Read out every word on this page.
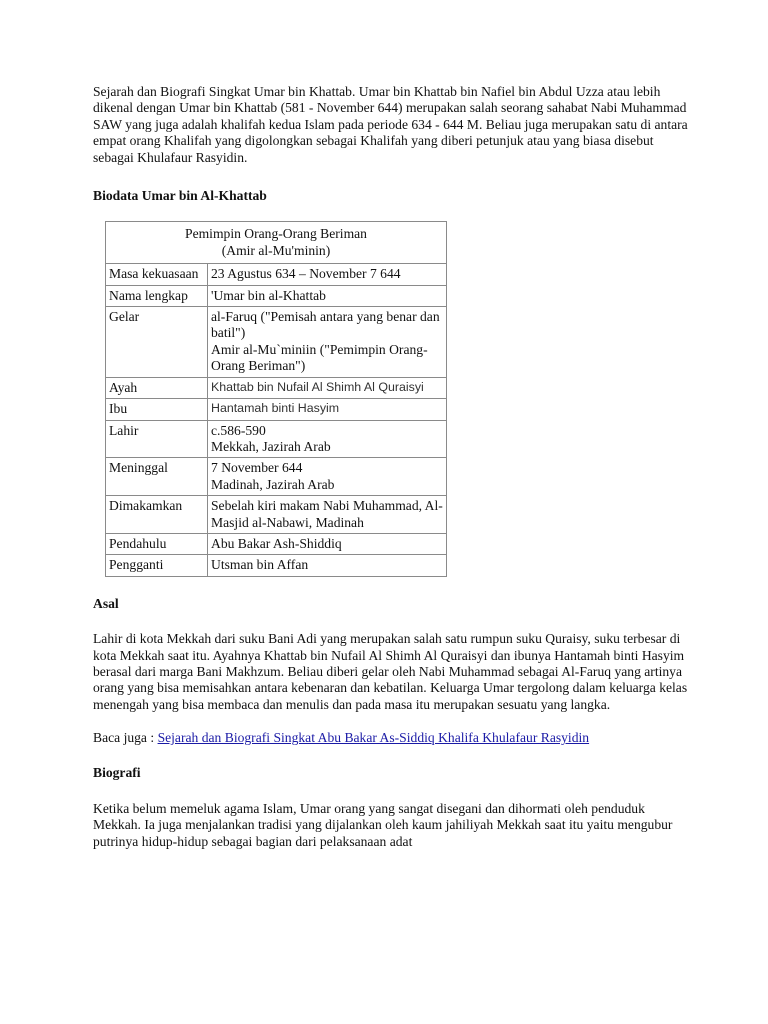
Sejarah dan Biografi Singkat Umar bin Khattab. Umar bin Khattab bin Nafiel bin Abdul Uzza atau lebih dikenal dengan Umar bin Khattab (581 - November 644) merupakan salah seorang sahabat Nabi Muhammad SAW yang juga adalah khalifah kedua Islam pada periode 634 - 644 M. Beliau juga merupakan satu di antara empat orang Khalifah yang digolongkan sebagai Khalifah yang diberi petunjuk atau yang biasa disebut sebagai Khulafaur Rasyidin.

Biodata Umar bin Al-Khattab
Pemimpin Orang-Orang Beriman
(Amir al-Mu'minin)	

Masa kekuasaan	23 Agustus 634 – November 7 644
Nama lengkap	'Umar bin al-Khattab
Gelar	al-Faruq ("Pemisah antara yang benar dan batil")
Amir al-Mu`miniin ("Pemimpin Orang-Orang Beriman")
Ayah	Khattab bin Nufail Al Shimh Al Quraisyi
Ibu	Hantamah binti Hasyim
Lahir	c.586-590
Mekkah, Jazirah Arab
Meninggal	7 November 644
Madinah, Jazirah Arab
Dimakamkan	Sebelah kiri makam Nabi Muhammad, Al-Masjid al-Nabawi, Madinah
Pendahulu	Abu Bakar Ash-Shiddiq
Pengganti	Utsman bin Affan
Asal

Lahir di kota Mekkah dari suku Bani Adi yang merupakan salah satu rumpun suku Quraisy, suku terbesar di kota Mekkah saat itu. Ayahnya Khattab bin Nufail Al Shimh Al Quraisyi dan ibunya Hantamah binti Hasyim berasal dari marga Bani Makhzum. Beliau diberi gelar oleh Nabi Muhammad sebagai Al-Faruq yang artinya orang yang bisa memisahkan antara kebenaran dan kebatilan. Keluarga Umar tergolong dalam keluarga kelas menengah yang bisa membaca dan menulis dan pada masa itu merupakan sesuatu yang langka.

Baca juga : Sejarah dan Biografi Singkat Abu Bakar As-Siddiq Khalifa Khulafaur Rasyidin

Biografi

Ketika belum memeluk agama Islam, Umar orang yang sangat disegani dan dihormati oleh penduduk Mekkah. Ia juga menjalankan tradisi yang dijalankan oleh kaum jahiliyah Mekkah saat itu yaitu mengubur putrinya hidup-hidup sebagai bagian dari pelaksanaan adat
